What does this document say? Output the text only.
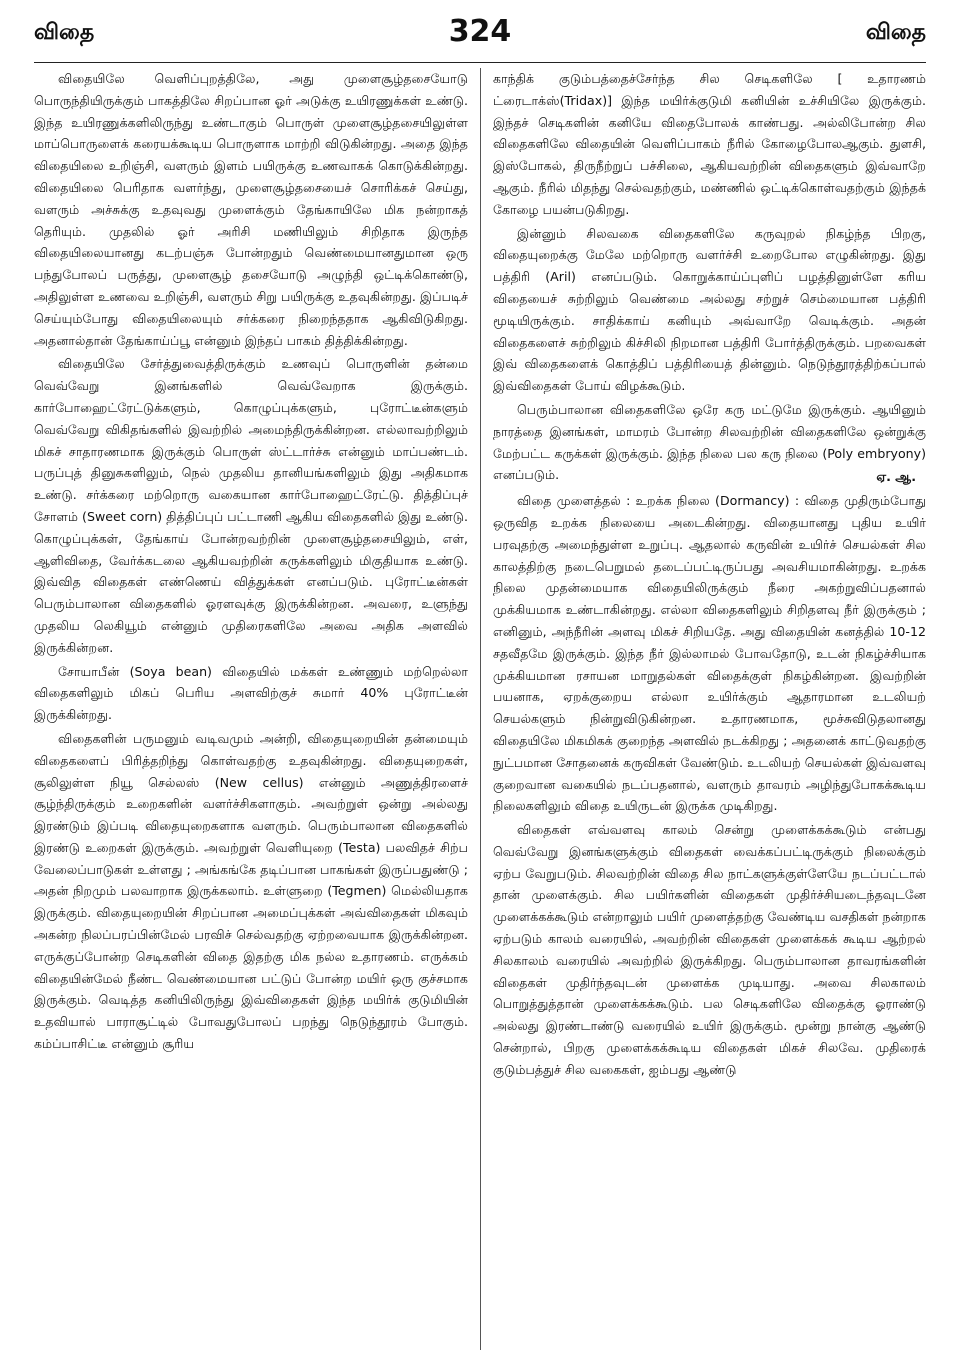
விதை	324	விதை

விதையிலே வெளிப்புறத்திலே, அது முளைசூழ்தசையோடு பொருந்தியிருக்கும் பாகத்திலே சிறப்பான ஓர் அடுக்கு உயிரணுக்கள் உண்டு. இந்த உயிரணுக்களிலிருந்து உண்டாகும் பொருள் முளைசூழ்தசையிலுள்ள மாப்பொருளைக் கரையக்கூடிய பொருளாக மாற்றி விடுகின்றது. அதை இந்த விதையிலை உறிஞ்சி, வளரும் இளம் பயிருக்கு உணவாகக் கொடுக்கின்றது. விதையிலை பெரிதாக வளர்ந்து, முளைசூழ்தசையைச் சொரிக்கச் செய்து, வளரும் அச்சுக்கு உதவுவது முளைக்கும் தேங்காயிலே மிக நன்றாகத் தெரியும். முதலில் ஓர் அரிசி மணியிலும் சிறிதாக இருந்த விதையிலையானது கடற்பஞ்சு போன்றதும் வெண்மையானதுமான ஒரு பந்துபோலப் பருத்து, முளைசூழ் தசையோடு அழுந்தி ஒட்டிக்கொண்டு, அதிலுள்ள உணவை உறிஞ்சி, வளரும் சிறு பயிருக்கு உதவுகின்றது. இப்படிச் செய்யும்போது விதையிலையும் சர்க்கரை நிறைந்ததாக ஆகிவிடுகிறது. அதனால்தான் தேங்காய்ப்பூ என்னும் இந்தப் பாகம் தித்திக்கின்றது.

விதையிலே சேர்த்துவைத்திருக்கும் உணவுப் பொருளின் தன்மை வெவ்வேறு இனங்களில் வெவ்வேறாக இருக்கும். கார்போஹைட்ரேட்டுக்களும், கொழுப்புக்களும், புரோட்டீன்களும் வெவ்வேறு விகிதங்களில் இவற்றில் அமைந்திருக்கின்றன. எல்லாவற்றிலும் மிகச் சாதாரணமாக இருக்கும் பொருள் ஸ்ட்டார்ச்சு என்னும் மாப்பண்டம். பருப்புத் தினுசுகளிலும், நெல் முதலிய தானியங்களிலும் இது அதிகமாக உண்டு. சர்க்கரை மற்றொரு வகையான கார்போஹைட்ரேட்டு. தித்திப்புச் சோளம் (Sweet corn) தித்திப்புப் பட்டாணி ஆகிய விதைகளில் இது உண்டு. கொழுப்புக்கள், தேங்காய் போன்றவற்றின் முளைசூழ்தசையிலும், எள், ஆளிவிதை, வேர்க்கடலை ஆகியவற்றின் கருக்களிலும் மிகுதியாக உண்டு. இவ்வித விதைகள் எண்ணெய் வித்துக்கள் எனப்படும். புரோட்டீன்கள் பெரும்பாலான விதைகளில் ஓரளவுக்கு இருக்கின்றன. அவரை, உளுந்து முதலிய லெகியூம் என்னும் முதிரைகளிலே அவை அதிக அளவில் இருக்கின்றன.

சோயாபீன் (Soya bean) விதையில் மக்கள் உண்ணும் மற்றெல்லா விதைகளிலும் மிகப் பெரிய அளவிற்குச் சுமார் 40% புரோட்டீன் இருக்கின்றது.

விதைகளின் பருமனும் வடிவமும் அன்றி, விதையுறையின் தன்மையும் விதைகளைப் பிரித்தறிந்து கொள்வதற்கு உதவுகின்றது. விதையுறைகள், சூலிலுள்ள நியூ செல்லஸ் (New cellus) என்னும் அணுத்திரளைச் சூழ்ந்திருக்கும் உறைகளின் வளர்ச்சிகளாகும். அவற்றுள் ஒன்று அல்லது இரண்டும் இப்படி விதையுறைகளாக வளரும். பெரும்பாலான விதைகளில் இரண்டு உறைகள் இருக்கும். அவற்றுள் வெளியுறை (Testa) பலவிதச் சிற்ப வேலைப்பாடுகள் உள்ளது ; அங்கங்கே தடிப்பான பாகங்கள் இருப்பதுண்டு ; அதன் நிறமும் பலவாறாக இருக்கலாம். உள்ளுறை (Tegmen) மெல்லியதாக இருக்கும். விதையுறையின் சிறப்பான அமைப்புக்கள் அவ்விதைகள் மிகவும் அகன்ற நிலப்பரப்பின்மேல் பரவிச் செல்வதற்கு ஏற்றவையாக இருக்கின்றன. எருக்குப்போன்ற செடிகளின் விதை இதற்கு மிக நல்ல உதாரணம். எருக்கம் விதையின்மேல் நீண்ட வெண்மையான பட்டுப் போன்ற மயிர் ஒரு குச்சமாக இருக்கும். வெடித்த கனியிலிருந்து இவ்விதைகள் இந்த மயிர்க் குடுமியின் உதவியால் பாராசூட்டில் போவதுபோலப் பறந்து நெடுந்தூரம் போகும். கம்ப்பாசிட்டீ என்னும் சூரிய

காந்திக் குடும்பத்தைச்சேர்ந்த சில செடிகளிலே [ உதாரணம் ட்ரைடாக்ஸ்(Tridax)] இந்த மயிர்க்குடுமி கனியின் உச்சியிலே இருக்கும். இந்தச் செடிகளின் கனியே விதைபோலக் காண்பது. அல்லிபோன்ற சில விதைகளிலே விதையின் வெளிப்பாகம் நீரில் கோழைபோலஆகும். துளசி, இஸ்போகல், திருநீற்றுப் பச்சிலை, ஆகியவற்றின் விதைகளும் இவ்வாறே ஆகும். நீரில் மிதந்து செல்வதற்கும், மண்ணில் ஒட்டிக்கொள்வதற்கும் இந்தக் கோழை பயன்படுகிறது.

இன்னும் சிலவகை விதைகளிலே கருவுறல் நிகழ்ந்த பிறகு, விதையுறைக்கு மேலே மற்றொரு வளர்ச்சி உறைபோல எழுகின்றது. இது பத்திரி (Aril) எனப்படும். கொறுக்காய்ப்புளிப் பழத்தினுள்ளே கரிய விதையைச் சுற்றிலும் வெண்மை அல்லது சற்றுச் செம்மையான பத்திரி மூடியிருக்கும். சாதிக்காய் கனியும் அவ்வாறே வெடிக்கும். அதன் விதைகளைச் சுற்றிலும் கிச்சிலி நிறமான பத்திரி போர்த்திருக்கும். பறவைகள் இவ் விதைகளைக் கொத்திப் பத்திரியைத் தின்னும். நெடுந்தூரத்திற்கப்பால் இவ்விதைகள் போய் விழக்கூடும்.

பெரும்பாலான விதைகளிலே ஒரே கரு மட்டுமே இருக்கும். ஆயினும் நாரத்தை இனங்கள், மாமரம் போன்ற சிலவற்றின் விதைகளிலே ஒன்றுக்கு மேற்பட்ட கருக்கள் இருக்கும். இந்த நிலை பல கரு நிலை (Poly embryony) எனப்படும்.	ஏ. ஆ.

விதை முளைத்தல் : உறக்க நிலை (Dormancy) : விதை முதிரும்போது ஒருவித உறக்க நிலையை அடைகின்றது. விதையானது புதிய உயிர் பரவுதற்கு அமைந்துள்ள உறுப்பு. ஆதலால் கருவின் உயிர்ச் செயல்கள் சில காலத்திற்கு நடைபெறுமல் தடைப்பட்டிருப்பது அவசியமாகின்றது. உறக்க நிலை முதன்மையாக விதையிலிருக்கும் நீரை அகற்றுவிப்பதனால் முக்கியமாக உண்டாகின்றது. எல்லா விதைகளிலும் சிறிதளவு நீர் இருக்கும் ; எனினும், அந்நீரின் அளவு மிகச் சிறியதே. அது விதையின் கனத்தில் 10-12 சதவீதமே இருக்கும். இந்த நீர் இல்லாமல் போவதோடு, உடன் நிகழ்ச்சியாக முக்கியமான ரசாயன மாறுதல்கள் விதைக்குள் நிகழ்கின்றன. இவற்றின் பயனாக, ஏறக்குறைய எல்லா உயிர்க்கும் ஆதாரமான உடலியற் செயல்களும் நின்றுவிடுகின்றன. உதாரணமாக, மூச்சுவிடுதலானது விதையிலே மிகமிகக் குறைந்த அளவில் நடக்கிறது ; அதனைக் காட்டுவதற்கு நுட்பமான சோதனைக் கருவிகள் வேண்டும். உடலியற் செயல்கள் இவ்வளவு குறைவான வகையில் நடப்பதனால், வளரும் தாவரம் அழிந்துபோகக்கூடிய நிலைகளிலும் விதை உயிருடன் இருக்க முடிகிறது.

விதைகள் எவ்வளவு காலம் சென்று முளைக்கக்கூடும் என்பது வெவ்வேறு இனங்களுக்கும் விதைகள் வைக்கப்பட்டிருக்கும் நிலைக்கும் ஏற்ப வேறுபடும். சிலவற்றின் விதை சில நாட்களுக்குள்ளேயே நடப்பட்டால் தான் முளைக்கும். சில பயிர்களின் விதைகள் முதிர்ச்சியடைந்தவுடனே முளைக்கக்கூடும் என்றாலும் பயிர் முளைத்தற்கு வேண்டிய வசதிகள் நன்றாக ஏற்படும் காலம் வரையில், அவற்றின் விதைகள் முளைக்கக் கூடிய ஆற்றல் சிலகாலம் வரையில் அவற்றில் இருக்கிறது. பெரும்பாலான தாவரங்களின் விதைகள் முதிர்ந்தவுடன் முளைக்க முடியாது. அவை சிலகாலம் பொறுத்துத்தான் முளைக்கக்கூடும். பல செடிகளிலே விதைக்கு ஓராண்டு அல்லது இரண்டாண்டு வரையில் உயிர் இருக்கும். மூன்று நான்கு ஆண்டு சென்றால், பிறகு முளைக்கக்கூடிய விதைகள் மிகச் சிலவே. முதிரைக் குடும்பத்துச் சில வகைகள், ஐம்பது ஆண்டு
